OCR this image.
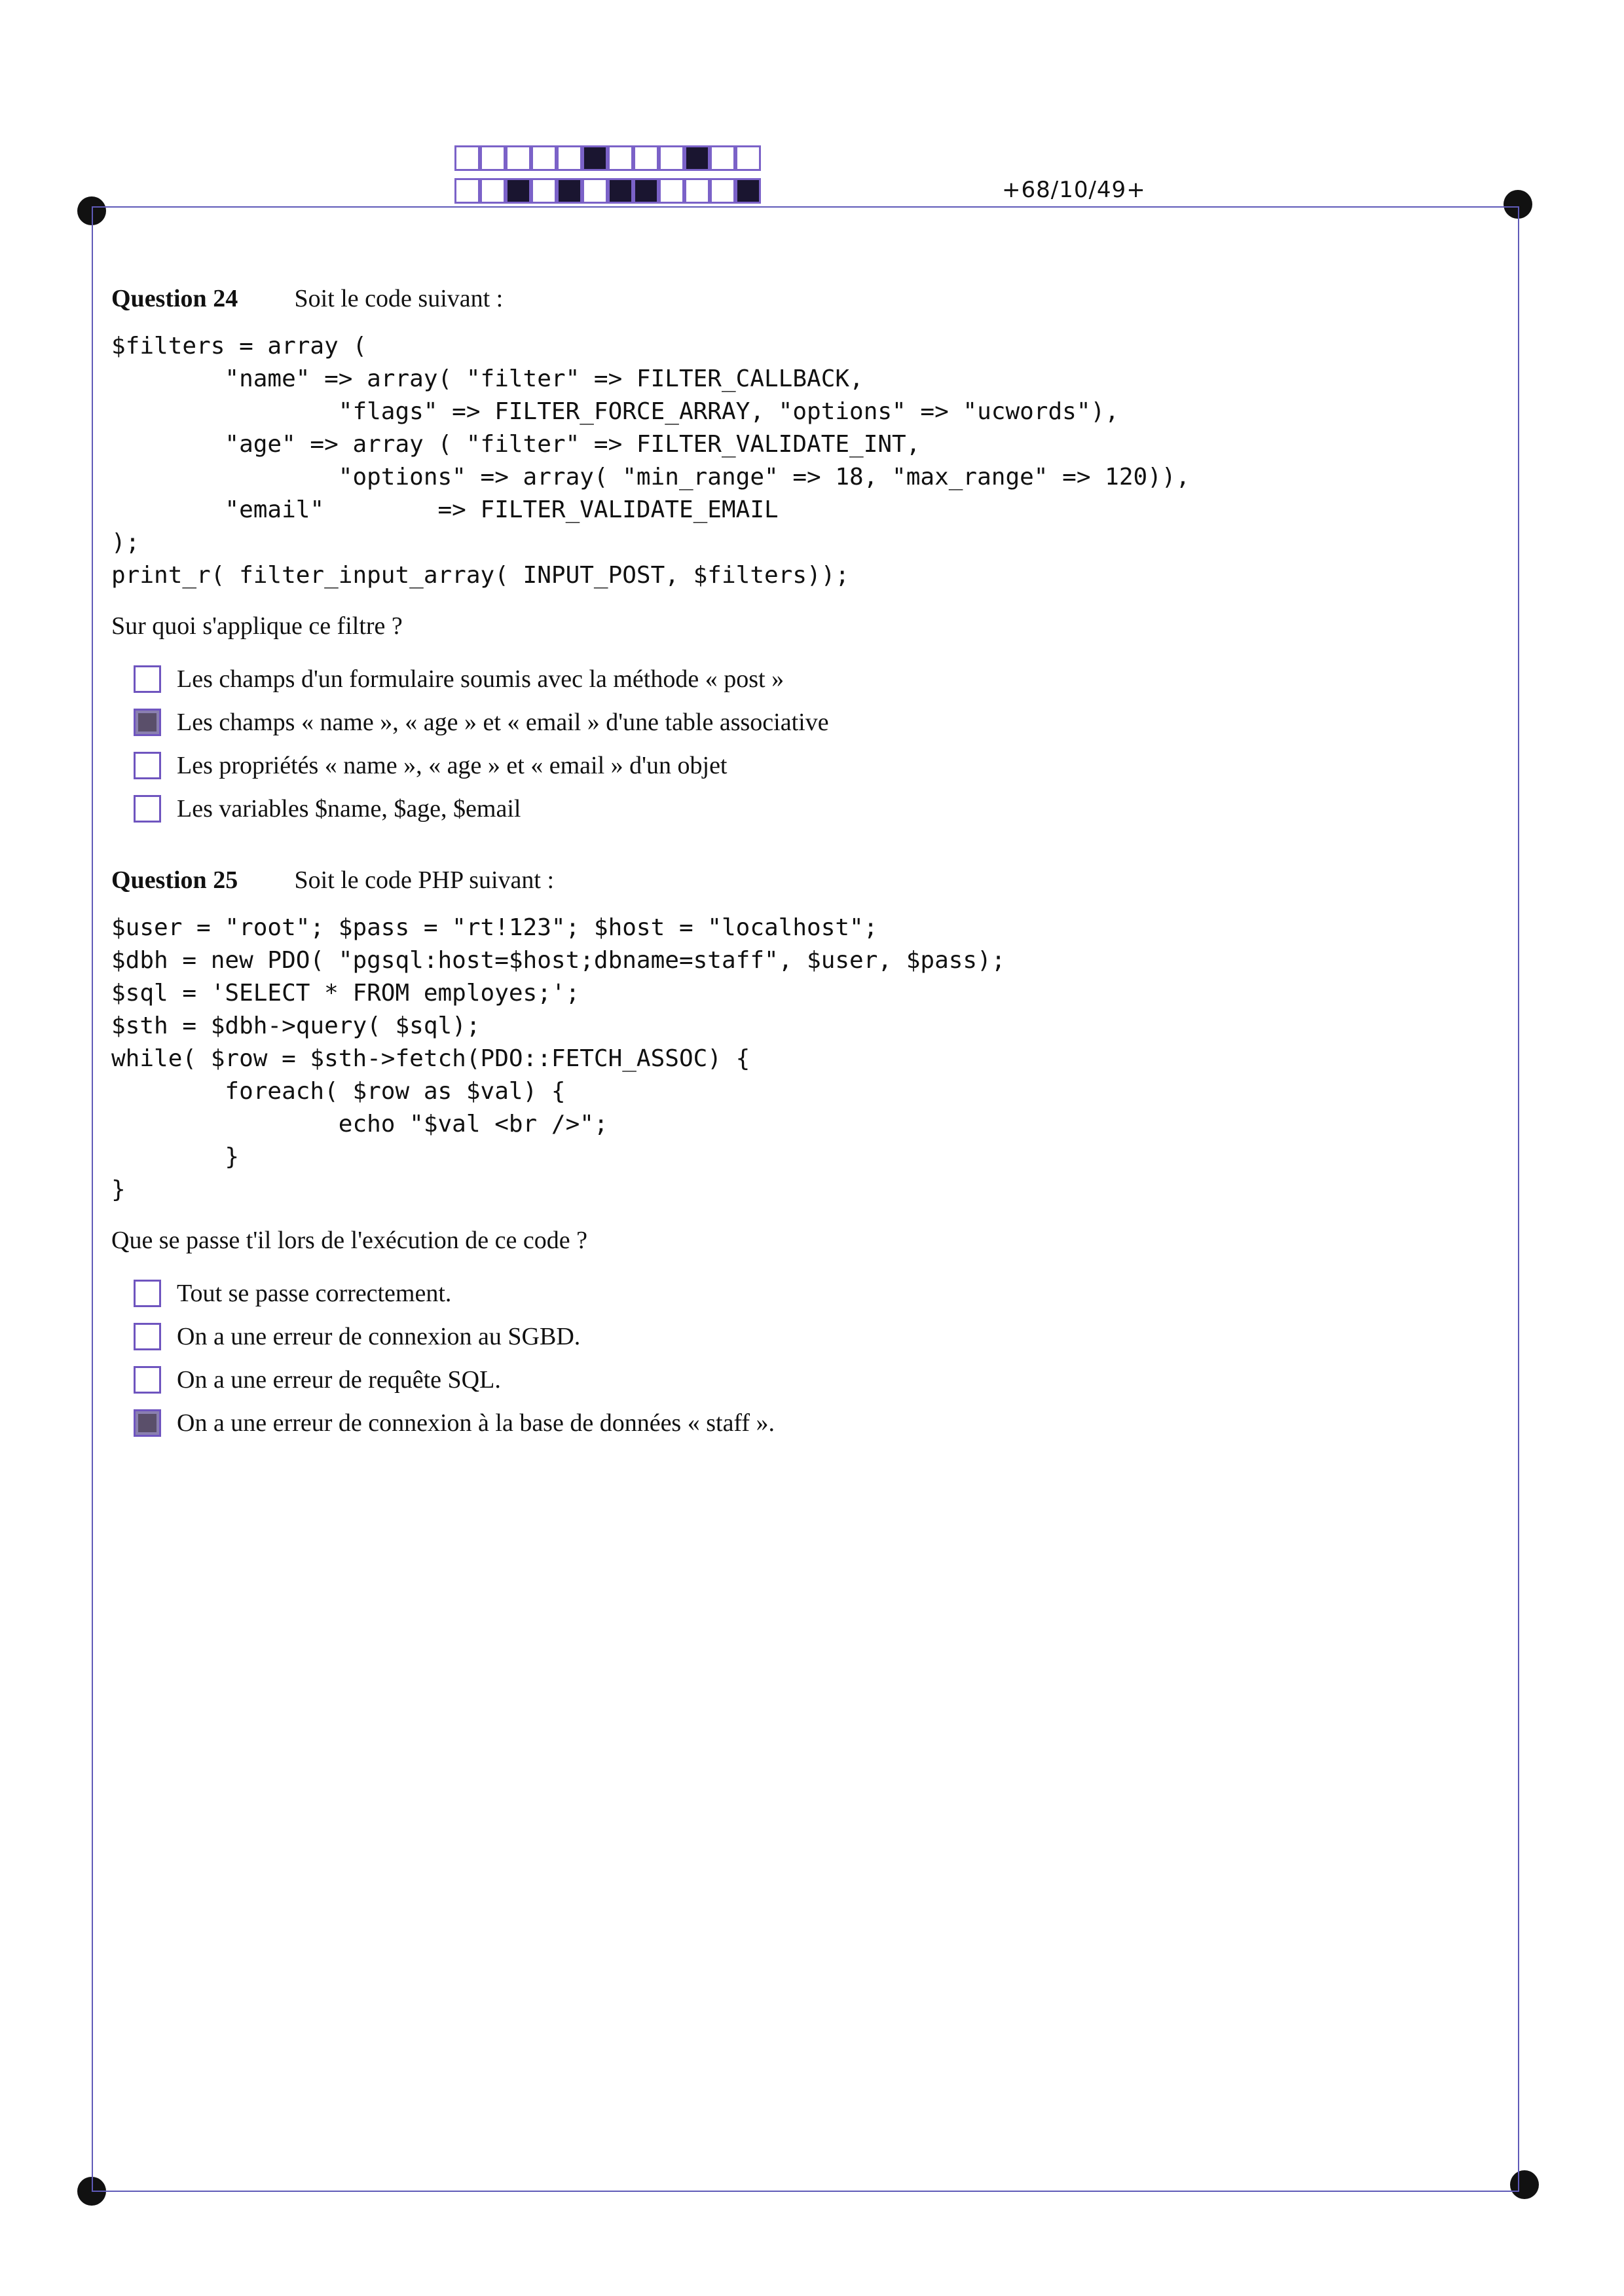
+68/10/49+
Question 24 Soit le code suivant :
$filters = array (
"name" => array( "filter" => FILTER_CALLBACK,
"flags" => FILTER_FORCE_ARRAY, "options" => "ucwords"),
"age" => array ( "filter" => FILTER_VALIDATE_INT,
"options" => array( "min_range" => 18, "max_range" => 120)),
"email"        => FILTER_VALIDATE_EMAIL
);
print_r( filter_input_array( INPUT_POST, $filters));
Sur quoi s'applique ce filtre ?
Les champs d'un formulaire soumis avec la méthode « post »
Les champs « name », « age » et « email » d'une table associative
Les propriétés « name », « age » et « email » d'un objet
Les variables $name, $age, $email
Question 25 Soit le code PHP suivant :
$user = "root"; $pass = "rt!123"; $host = "localhost";
$dbh = new PDO( "pgsql:host=$host;dbname=staff", $user, $pass);
$sql = 'SELECT * FROM employes;';
$sth = $dbh->query( $sql);
while( $row = $sth->fetch(PDO::FETCH_ASSOC) {
foreach( $row as $val) {
echo "$val <br />";
}
}
Que se passe t'il lors de l'exécution de ce code ?
Tout se passe correctement.
On a une erreur de connexion au SGBD.
On a une erreur de requête SQL.
On a une erreur de connexion à la base de données « staff ».
